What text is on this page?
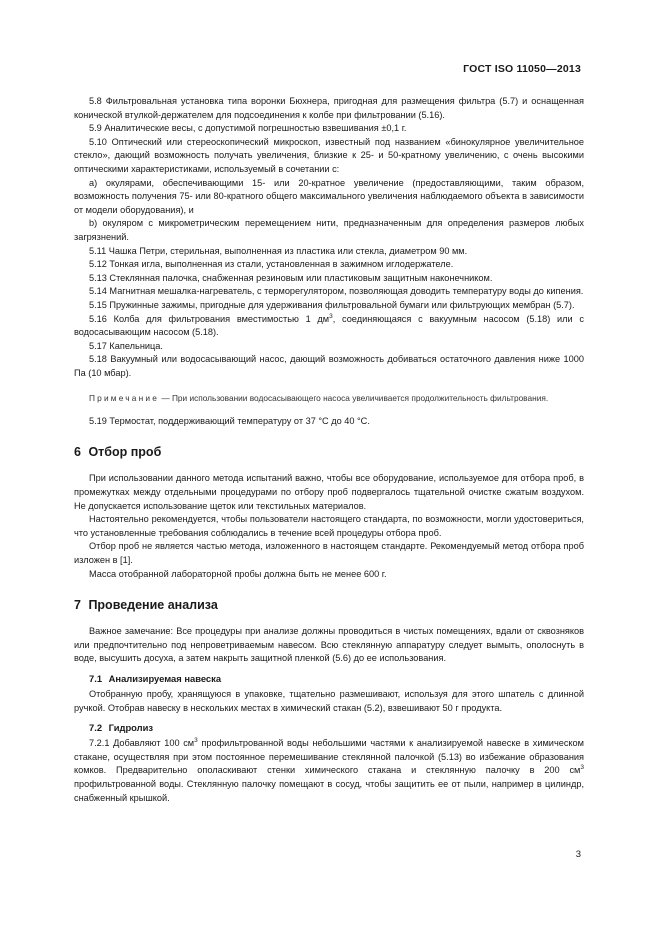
ГОСТ ISO 11050—2013

5.8 Фильтровальная установка типа воронки Бюхнера, пригодная для размещения фильтра (5.7) и оснащенная конической втулкой-держателем для подсоединения к колбе при фильтровании (5.16).

5.9 Аналитические весы, с допустимой погрешностью взвешивания ±0,1 г.

5.10 Оптический или стереоскопический микроскоп, известный под названием «бинокулярное увеличительное стекло», дающий возможность получать увеличения, близкие к 25- и 50-кратному увеличению, с очень высокими оптическими характеристиками, используемый в сочетании с:

a) окулярами, обеспечивающими 15- или 20-кратное увеличение (предоставляющими, таким образом, возможность получения 75- или 80-кратного общего максимального увеличения наблюдаемого объекта в зависимости от модели оборудования), и

b) окуляром с микрометрическим перемещением нити, предназначенным для определения размеров любых загрязнений.

5.11 Чашка Петри, стерильная, выполненная из пластика или стекла, диаметром 90 мм.

5.12 Тонкая игла, выполненная из стали, установленная в зажимном иглодержателе.

5.13 Стеклянная палочка, снабженная резиновым или пластиковым защитным наконечником.

5.14 Магнитная мешалка-нагреватель, с терморегулятором, позволяющая доводить температуру воды до кипения.

5.15 Пружинные зажимы, пригодные для удерживания фильтровальной бумаги или фильтрующих мембран (5.7).

5.16 Колба для фильтрования вместимостью 1 $дм^3$, соединяющаяся с вакуумным насосом (5.18) или с водосасывающим насосом (5.18).

5.17 Капельница.

5.18 Вакуумный или водосасывающий насос, дающий возможность добиваться остаточного давления ниже 1000 Па (10 мбар).

Примечание — При использовании водосасывающего насоса увеличивается продолжительность фильтрования.

5.19 Термостат, поддерживающий температуру от 37 °С до 40 °С.

6 Отбор проб

При использовании данного метода испытаний важно, чтобы все оборудование, используемое для отбора проб, в промежутках между отдельными процедурами по отбору проб подвергалось тщательной очистке сжатым воздухом. Не допускается использование щеток или текстильных материалов.

Настоятельно рекомендуется, чтобы пользователи настоящего стандарта, по возможности, могли удостовериться, что установленные требования соблюдались в течение всей процедуры отбора проб.

Отбор проб не является частью метода, изложенного в настоящем стандарте. Рекомендуемый метод отбора проб изложен в [1].

Масса отобранной лабораторной пробы должна быть не менее 600 г.

7 Проведение анализа

Важное замечание: Все процедуры при анализе должны проводиться в чистых помещениях, вдали от сквозняков или предпочтительно под непроветриваемым навесом. Всю стеклянную аппаратуру следует вымыть, ополоснуть в воде, высушить досуха, а затем накрыть защитной пленкой (5.6) до ее использования.

7.1 Анализируемая навеска

Отобранную пробу, хранящуюся в упаковке, тщательно размешивают, используя для этого шпатель с длинной ручкой. Отобрав навеску в нескольких местах в химический стакан (5.2), взвешивают 50 г продукта.

7.2 Гидролиз

7.2.1 Добавляют 100 $см^3$ профильтрованной воды небольшими частями к анализируемой навеске в химическом стакане, осуществляя при этом постоянное перемешивание стеклянной палочкой (5.13) во избежание образования комков. Предварительно ополаскивают стенки химического стакана и стеклянную палочку в 200 $см^3$ профильтрованной воды. Стеклянную палочку помещают в сосуд, чтобы защитить ее от пыли, например в цилиндр, снабженный крышкой.

3
